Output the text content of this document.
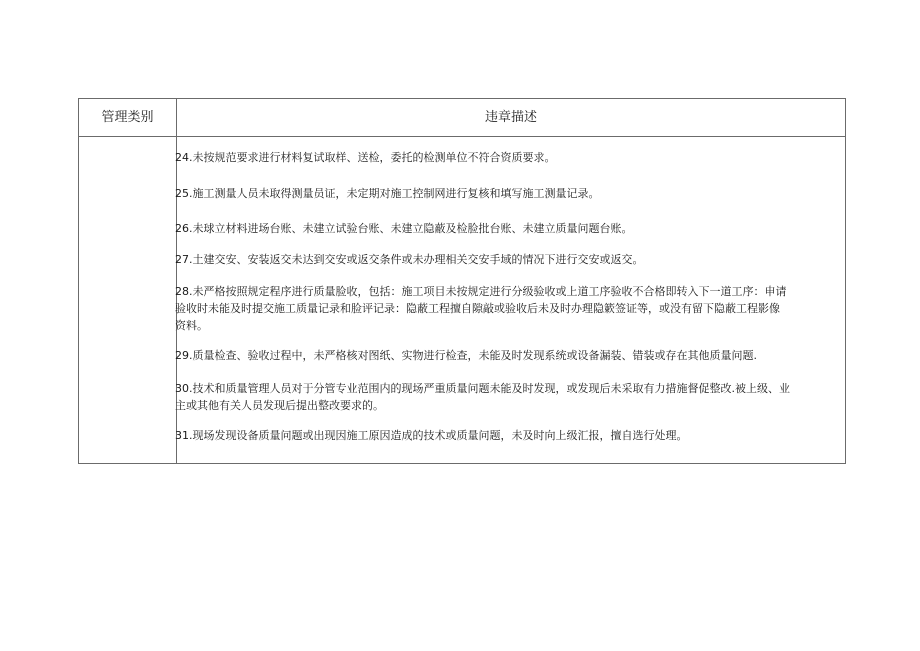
管理类别	违章描述

24.未按规范要求进行材料复试取样、送检，委托的检测单位不符合资质要求。

25.施工测量人员未取得测量员证，未定期对施工控制网进行复核和填写施工测量记录。

26.未球立材料进场台账、未建立试验台账、未建立隐蔽及检脸批台账、未建立质量问题台账。

27.土建交安、安装返交未达到交安或返交条件或未办理相关交安手域的情况下进行交安或返交。

28.未严格按照规定程序进行质量脸收，包括：施工项目未按规定进行分级验收或上道工序验收不合格即转入下一道工序：申请
验收时未能及时提交施工质量记录和脸评记录：隐蔽工程擅自隙敲或验收后未及时办理隐簌签证等，或没有留下隐蔽工程影像
资料。

29.质量检查、验收过程中，未严格核对图纸、实物进行检查，未能及时发现系统或设备漏装、错装或存在其他质量问题.

30.技术和质量管理人员对于分管专业范围内的现场严重质量问题未能及时发现，或发现后未采取有力措施督促整改.被上级、业
主或其他有关人员发现后提出整改要求的。

31.现场发现设备质量问题或出现因施工原因造成的技术或质量问题，未及时向上级汇报，擅自选行处理。
